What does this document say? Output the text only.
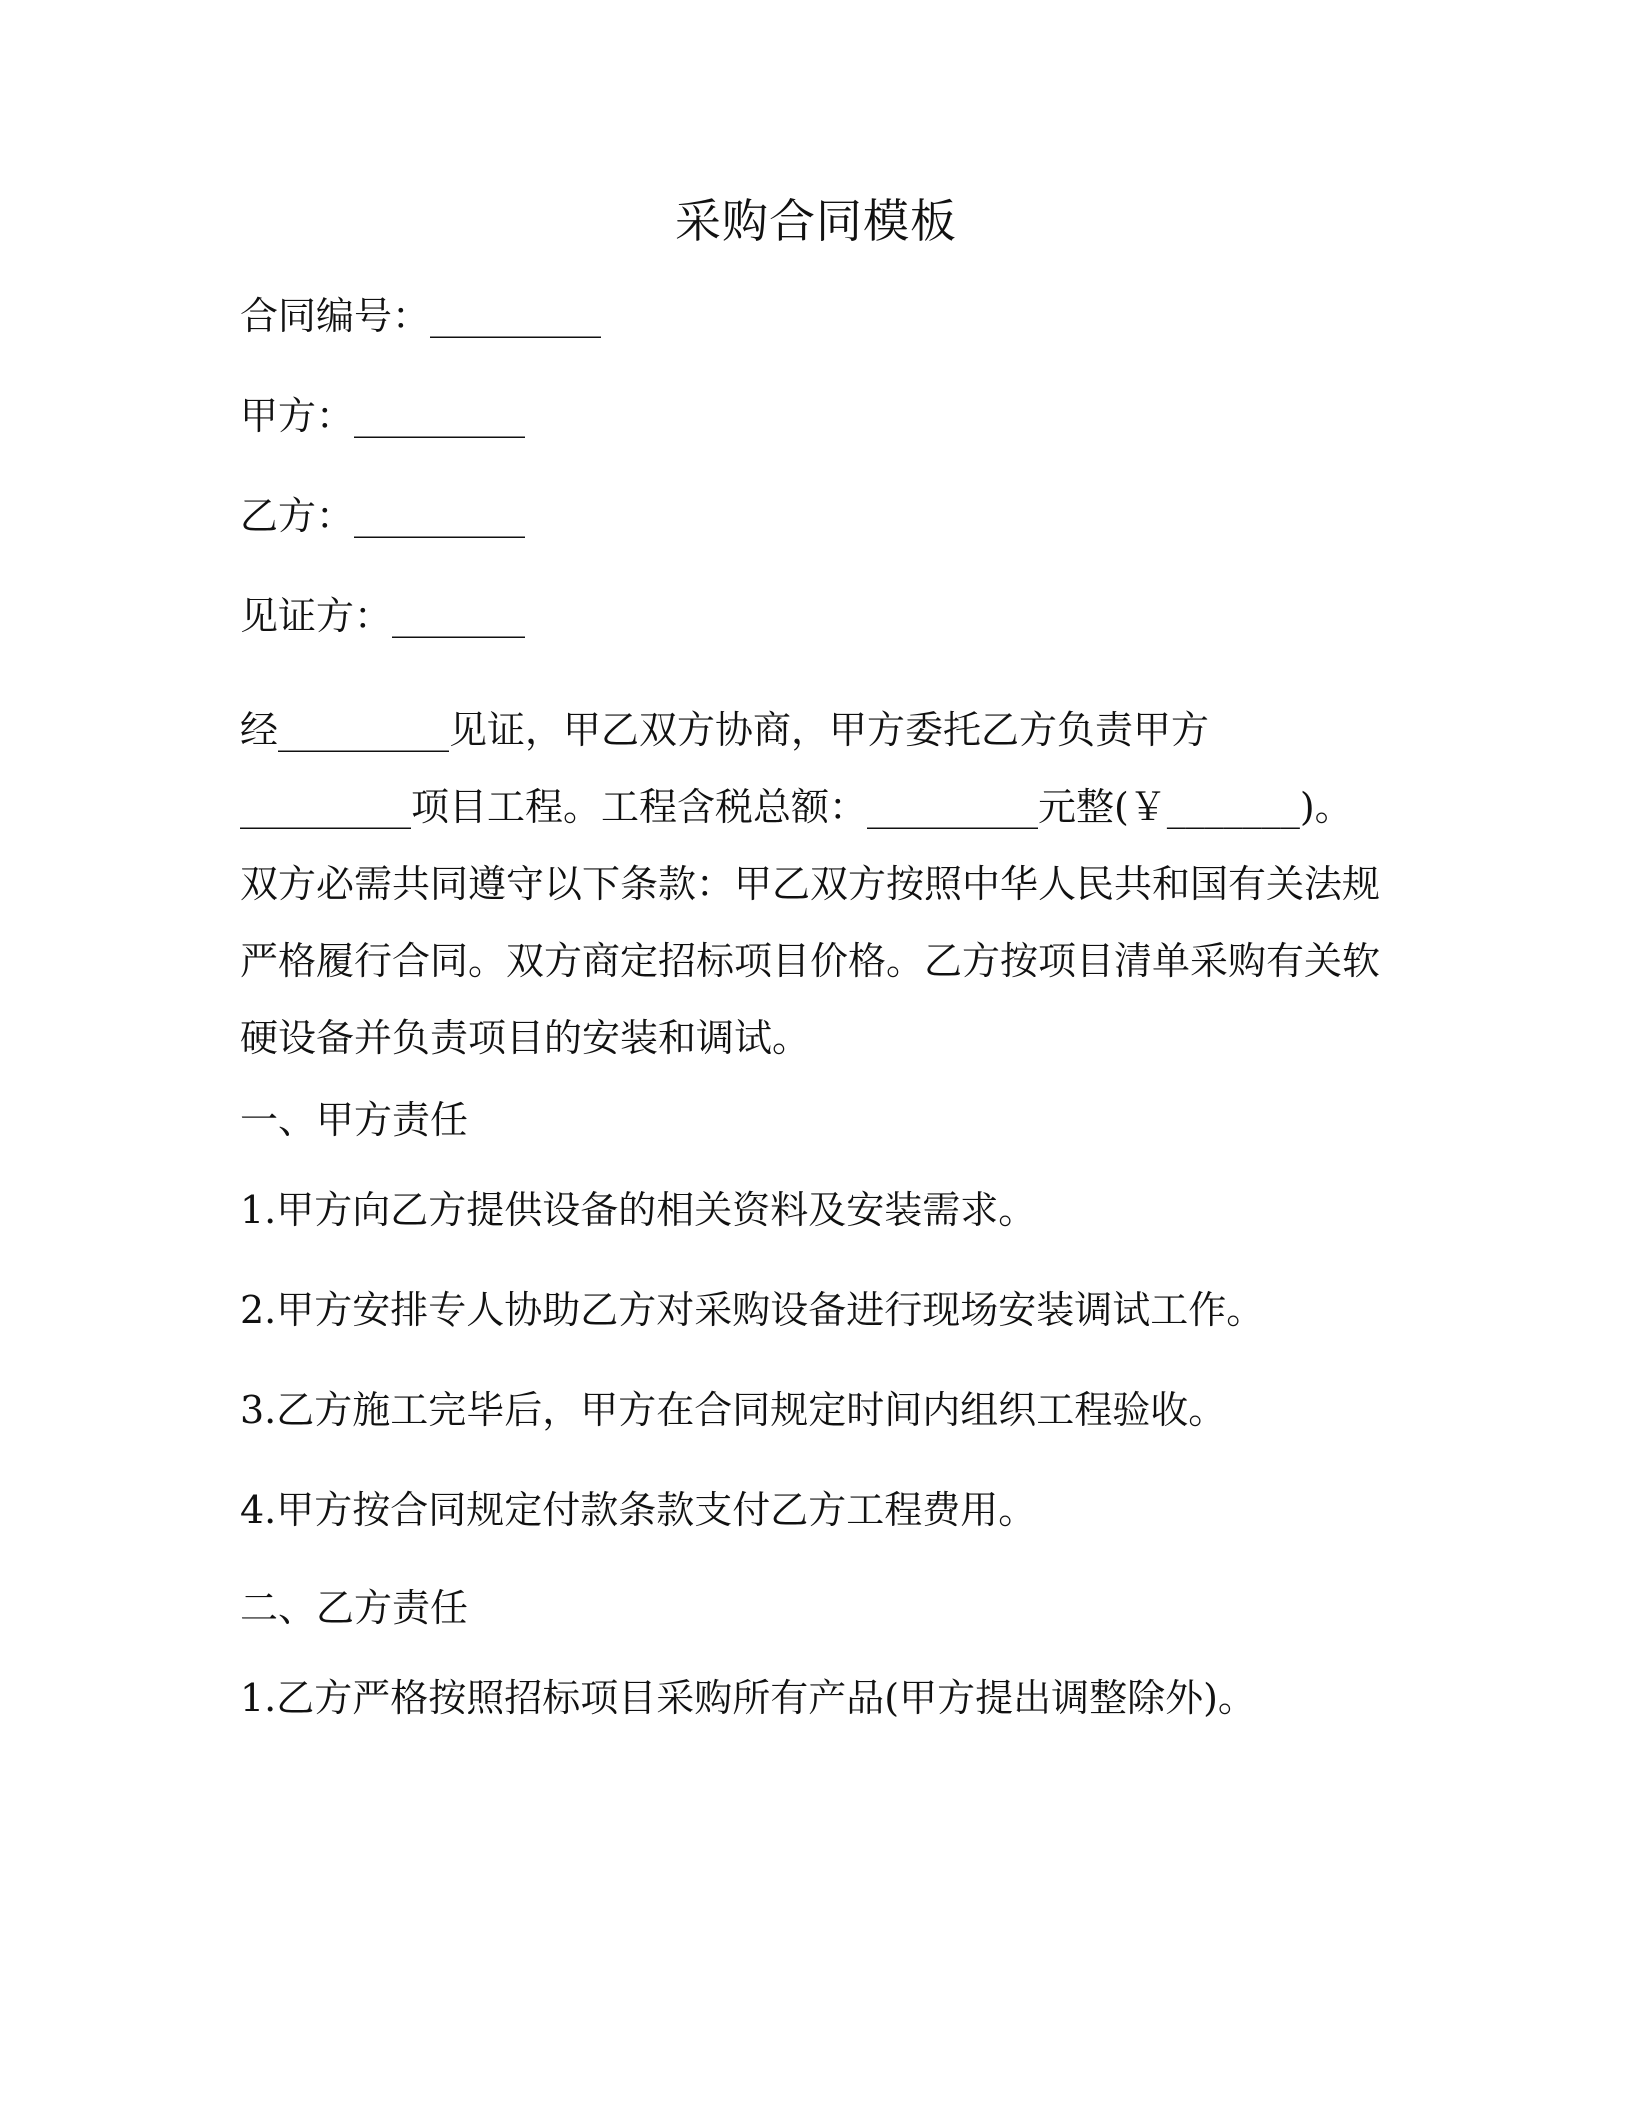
采购合同模板
合同编号：_________
甲方：_________
乙方：_________
见证方：_______
经_________见证，甲乙双方协商，甲方委托乙方负责甲方
_________项目工程。工程含税总额：_________元整(￥_______)。
双方必需共同遵守以下条款：甲乙双方按照中华人民共和国有关法规
严格履行合同。双方商定招标项目价格。乙方按项目清单采购有关软
硬设备并负责项目的安装和调试。
一、甲方责任
1.甲方向乙方提供设备的相关资料及安装需求。
2.甲方安排专人协助乙方对采购设备进行现场安装调试工作。
3.乙方施工完毕后，甲方在合同规定时间内组织工程验收。
4.甲方按合同规定付款条款支付乙方工程费用。
二、乙方责任
1.乙方严格按照招标项目采购所有产品(甲方提出调整除外)。
